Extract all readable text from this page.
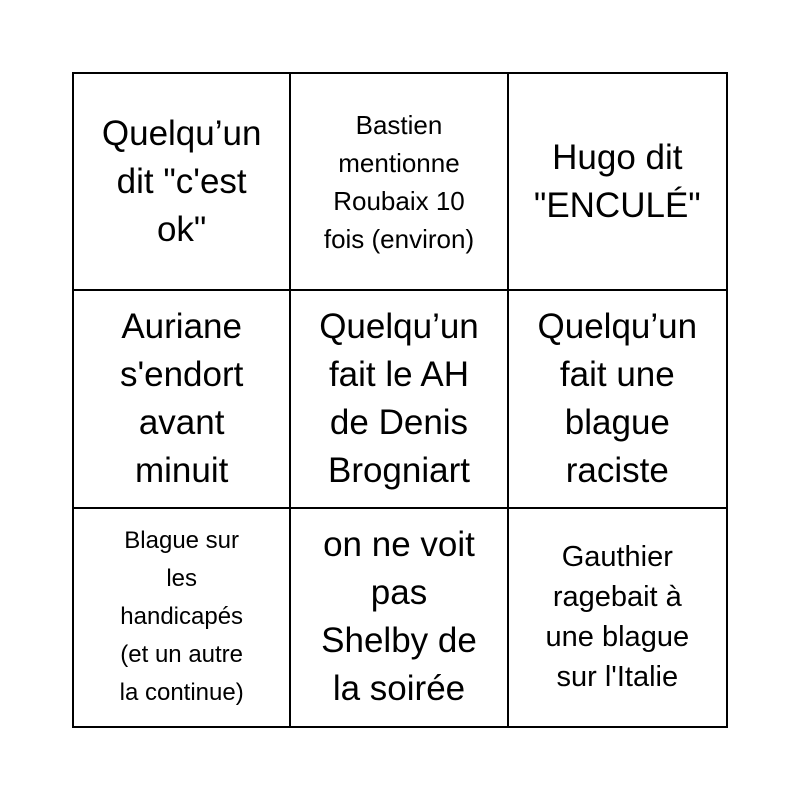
Quelqu’un
dit "c'est
ok"
Bastien
mentionne
Roubaix 10
fois (environ)
Hugo dit
"ENCULÉ"
Auriane
s'endort
avant
minuit
Quelqu’un
fait le AH
de Denis
Brogniart
Quelqu’un
fait une
blague
raciste
Blague sur
les
handicapés
(et un autre
la continue)
on ne voit
pas
Shelby de
la soirée
Gauthier
ragebait à
une blague
sur l'Italie
